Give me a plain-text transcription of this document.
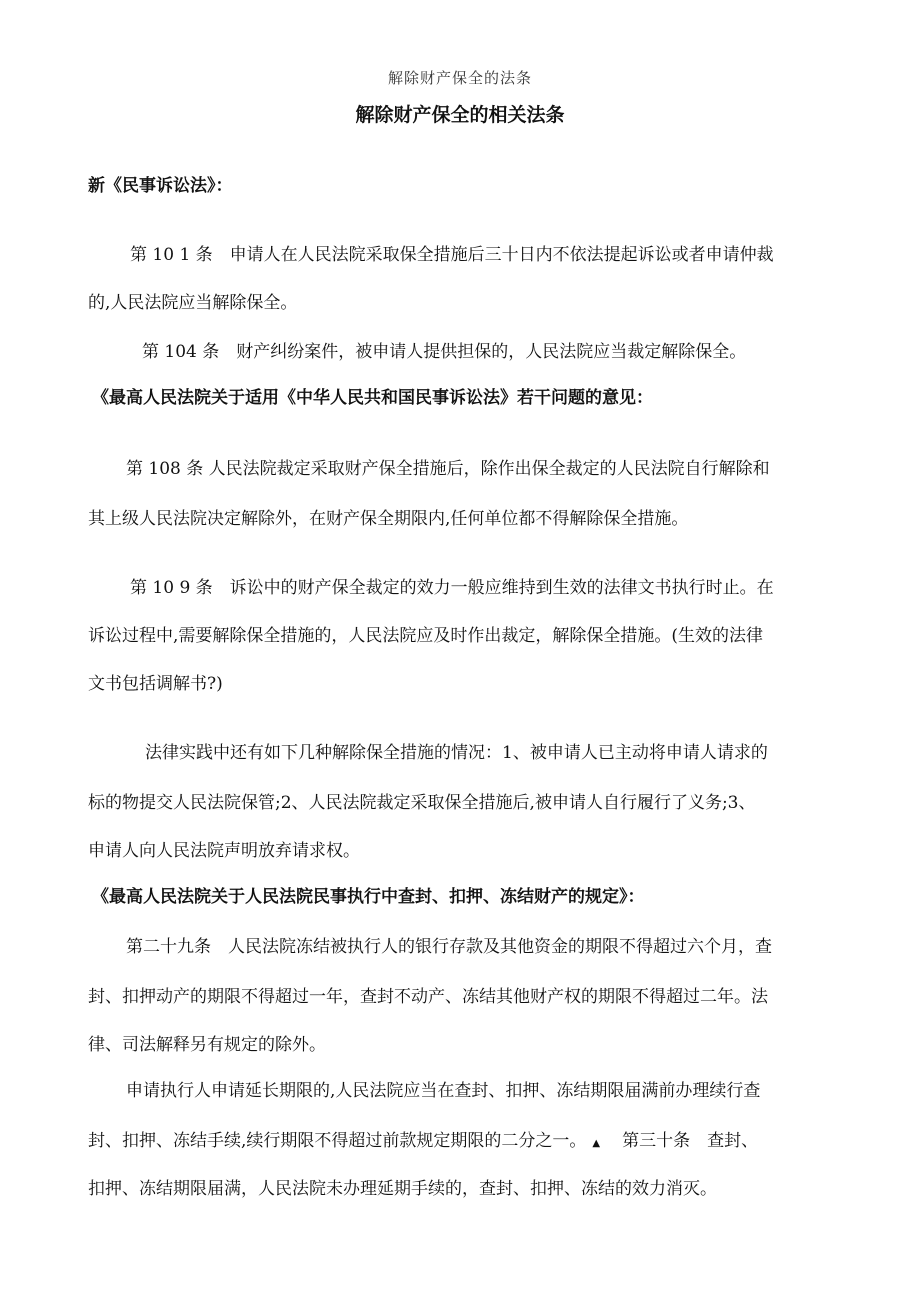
解除财产保全的法条
解除财产保全的相关法条
新《民事诉讼法》：
第 10 1 条　申请人在人民法院采取保全措施后三十日内不依法提起诉讼或者申请仲裁
的,人民法院应当解除保全。
第 104 条　财产纠纷案件，被申请人提供担保的，人民法院应当裁定解除保全。
《最高人民法院关于适用《中华人民共和国民事诉讼法》若干问题的意见：
第 108 条 人民法院裁定采取财产保全措施后，除作出保全裁定的人民法院自行解除和
其上级人民法院决定解除外，在财产保全期限内,任何单位都不得解除保全措施。
第 10 9 条　诉讼中的财产保全裁定的效力一般应维持到生效的法律文书执行时止。在
诉讼过程中,需要解除保全措施的，人民法院应及时作出裁定，解除保全措施。(生效的法律
文书包括调解书?)
法律实践中还有如下几种解除保全措施的情况：1、被申请人已主动将申请人请求的
标的物提交人民法院保管;2、人民法院裁定采取保全措施后,被申请人自行履行了义务;3、
申请人向人民法院声明放弃请求权。
《最高人民法院关于人民法院民事执行中查封、扣押、冻结财产的规定》：
第二十九条　人民法院冻结被执行人的银行存款及其他资金的期限不得超过六个月，查
封、扣押动产的期限不得超过一年，查封不动产、冻结其他财产权的期限不得超过二年。法
律、司法解释另有规定的除外。
申请执行人申请延长期限的,人民法院应当在查封、扣押、冻结期限届满前办理续行查
封、扣押、冻结手续,续行期限不得超过前款规定期限的二分之一。 ▲ 第三十条　查封、
扣押、冻结期限届满，人民法院未办理延期手续的，查封、扣押、冻结的效力消灭。
